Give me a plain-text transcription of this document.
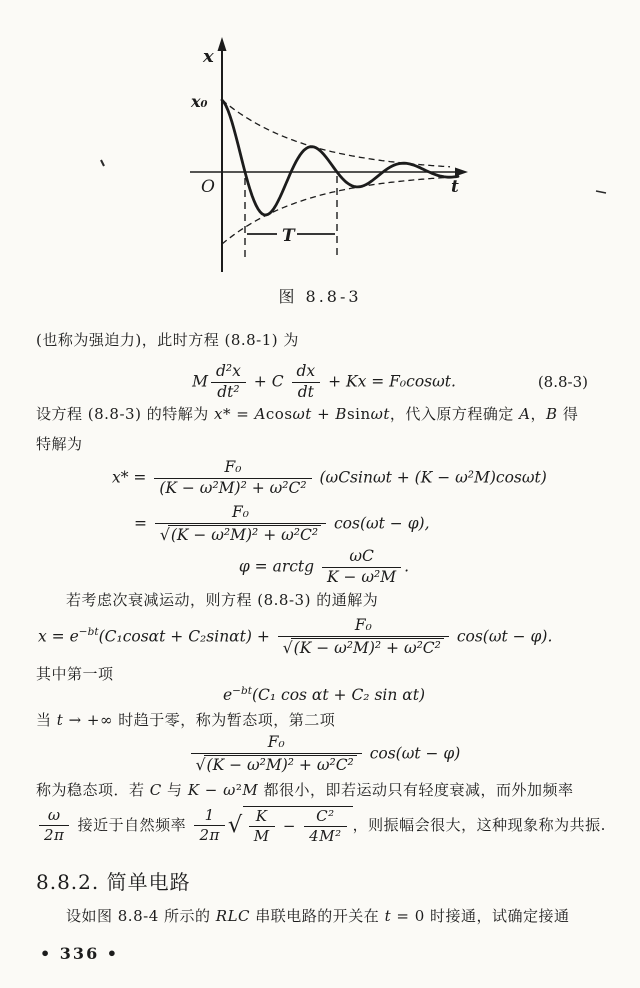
x
x₀
O	t
T
图 8.8-3
(也称为强迫力)，此时方程 (8.8-1) 为
M $\frac{\text{d²x}}{\text{dt²}} + C \frac{dx}{dt} + Kx = F_0\cos\omega t$.	(8.8-3)
设方程 (8.8-3) 的特解为 x* = Acosωt + Bsinωt，代入原方程确定 A，B 得
特解为
$x* = \frac{\text{F₀}}{\text{(K − ω²M)² + ω²C²}} (\omega Csin\omega t + (K - \omega^2M)\cos\omega t)$
= $\frac{\text{F₀}}{\text{√(K − ω²M)² + ω²C²}} \cos(\omega t - \varphi)$,
φ = arctg $\frac{\omega C}{\text{K − ω²M}}$ .
若考虑次衰减运动，则方程 (8.8-3) 的通解为
$x = e^{-bt}(C_1\cos\alpha t + C_2\sin\alpha t) + \frac{\text{F₀}}{\text{√(K − ω²M)² + ω²C²}} \cos(\omega t - \varphi)$.
其中第一项
$e^{-bt}(C_1$ cos αt + C₂ sin αt)
当 t → +∞ 时趋于零，称为暂态项，第二项
$\frac{\text{F₀}}{\text{√(K − ω²M)² + ω²C²}} \cos(\omega t - \varphi)$
称为稳态项．若 C 与 K − ω²M 都很小，即若运动只有轻度衰减，而外加频率
$\frac{\omega}{2\pi}$ 接近于自然频率 $\frac{1}{2\pi}$ √ $\frac{K}{M} - \frac{\text{C²}}{\text{4M²}}$ ，则振幅会很大，这种现象称为共振.
8.8.2. 简单电路
设如图 8.8-4 所示的 RLC 串联电路的开关在 t = 0 时接通，试确定接通
• 336 •
